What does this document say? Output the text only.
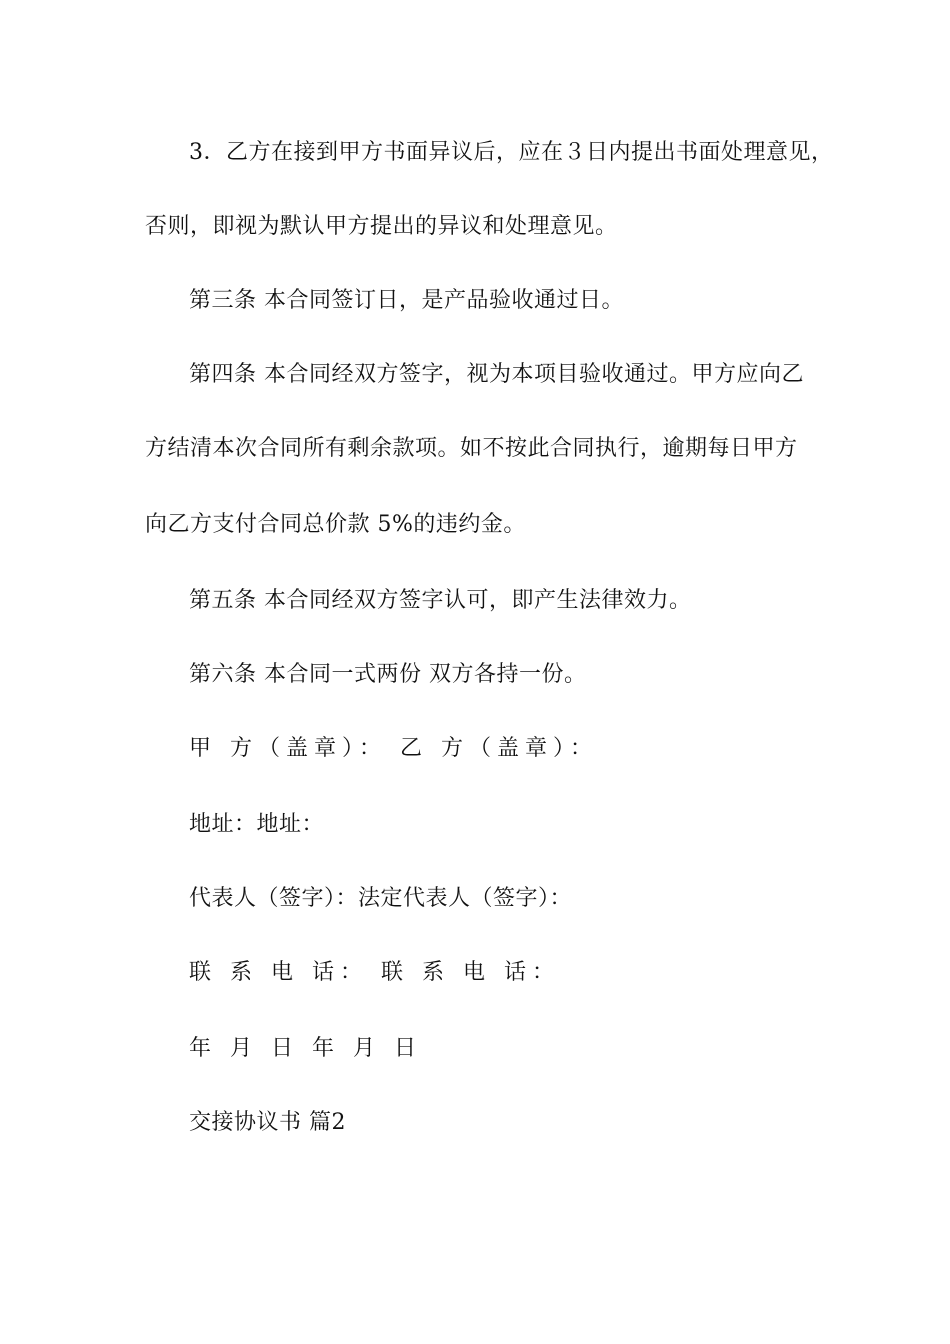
3．乙方在接到甲方书面异议后，应在３日内提出书面处理意见，
否则，即视为默认甲方提出的异议和处理意见。
第三条 本合同签订日，是产品验收通过日。
第四条 本合同经双方签字，视为本项目验收通过。甲方应向乙
方结清本次合同所有剩余款项。如不按此合同执行，逾期每日甲方
向乙方支付合同总价款 5%的违约金。
第五条 本合同经双方签字认可，即产生法律效力。
第六条 本合同一式两份 双方各持一份。
甲 方（盖章）： 乙 方（盖章）：
地址：地址：
代表人（签字）：法定代表人（签字）：
联 系 电 话： 联 系 电 话：
年 月 日 年 月 日
交接协议书 篇2
